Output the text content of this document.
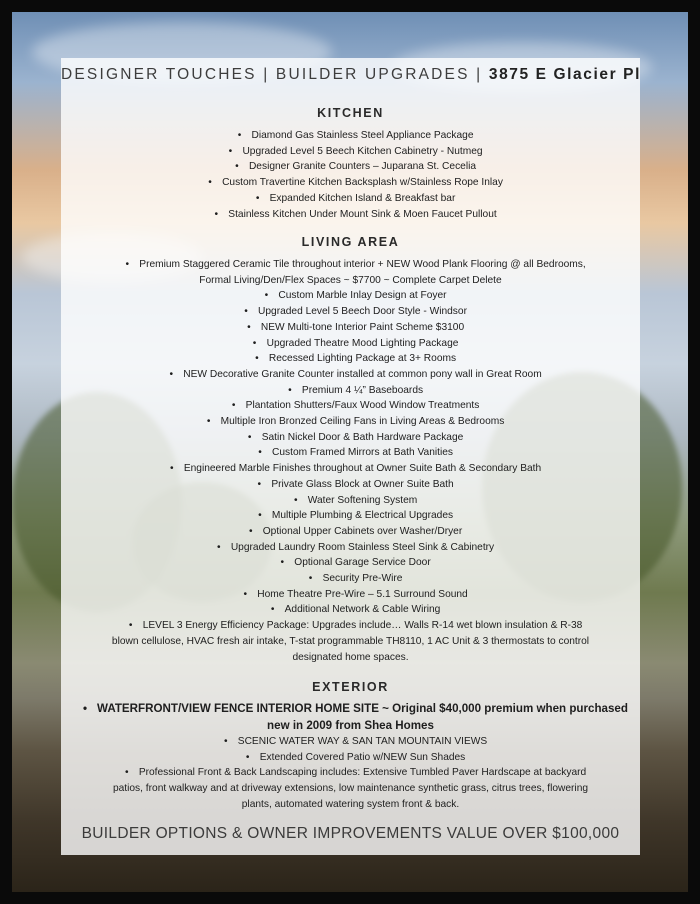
DESIGNER TOUCHES | BUILDER UPGRADES | 3875 E Glacier Pl
KITCHEN
• Diamond Gas Stainless Steel Appliance Package
• Upgraded Level 5 Beech Kitchen Cabinetry - Nutmeg
• Designer Granite Counters – Juparana St. Cecelia
• Custom Travertine Kitchen Backsplash w/Stainless Rope Inlay
• Expanded Kitchen Island & Breakfast bar
• Stainless Kitchen Under Mount Sink & Moen Faucet Pullout
LIVING AREA
• Premium Staggered Ceramic Tile throughout interior + NEW Wood Plank Flooring @ all Bedrooms, Formal Living/Den/Flex Spaces ~ $7700 ~ Complete Carpet Delete
• Custom Marble Inlay Design at Foyer
• Upgraded Level 5 Beech Door Style - Windsor
• NEW Multi-tone Interior Paint Scheme $3100
• Upgraded Theatre Mood Lighting Package
• Recessed Lighting Package at 3+ Rooms
• NEW Decorative Granite Counter installed at common pony wall in Great Room
• Premium 4 ¼” Baseboards
• Plantation Shutters/Faux Wood Window Treatments
• Multiple Iron Bronzed Ceiling Fans in Living Areas & Bedrooms
• Satin Nickel Door & Bath Hardware Package
• Custom Framed Mirrors at Bath Vanities
• Engineered Marble Finishes throughout at Owner Suite Bath & Secondary Bath
• Private Glass Block at Owner Suite Bath
• Water Softening System
• Multiple Plumbing & Electrical Upgrades
• Optional Upper Cabinets over Washer/Dryer
• Upgraded Laundry Room Stainless Steel Sink & Cabinetry
• Optional Garage Service Door
• Security Pre-Wire
• Home Theatre Pre-Wire – 5.1 Surround Sound
• Additional Network & Cable Wiring
• LEVEL 3 Energy Efficiency Package: Upgrades include… Walls R-14 wet blown insulation & R-38 blown cellulose, HVAC fresh air intake, T-stat programmable TH8110, 1 AC Unit & 3 thermostats to control designated home spaces.
EXTERIOR
• WATERFRONT/VIEW FENCE INTERIOR HOME SITE ~ Original $40,000 premium when purchased new in 2009 from Shea Homes
• SCENIC WATER WAY & SAN TAN MOUNTAIN VIEWS
• Extended Covered Patio w/NEW Sun Shades
• Professional Front & Back Landscaping includes: Extensive Tumbled Paver Hardscape at backyard patios, front walkway and at driveway extensions, low maintenance synthetic grass, citrus trees, flowering plants, automated watering system front & back.
BUILDER OPTIONS & OWNER IMPROVEMENTS VALUE OVER $100,000
